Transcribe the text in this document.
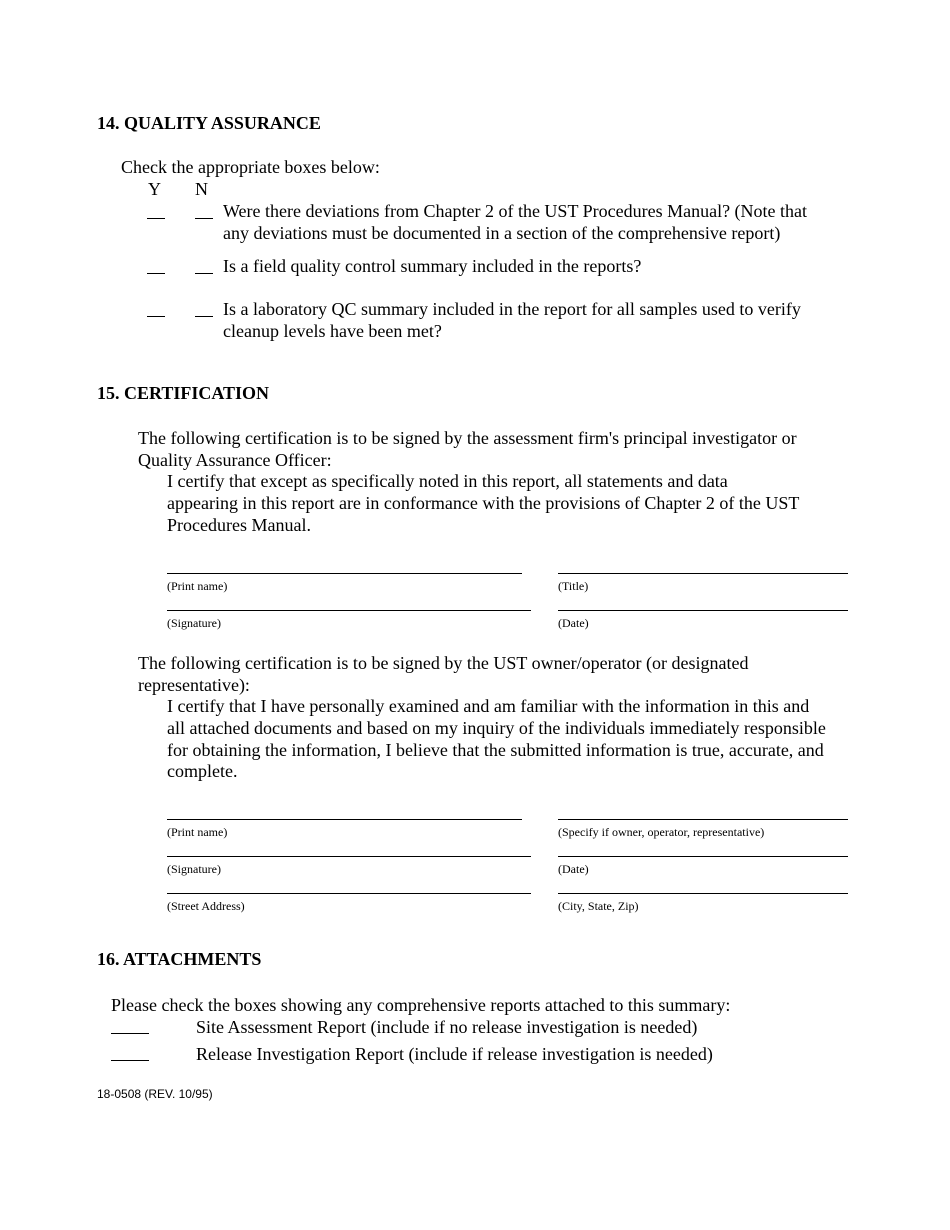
14. QUALITY ASSURANCE
Check the appropriate boxes below:
Y N
Were there deviations from Chapter 2 of the UST Procedures Manual? (Note that
any deviations must be documented in a section of the comprehensive report)
Is a field quality control summary included in the reports?
Is a laboratory QC summary included in the report for all samples used to verify
cleanup levels have been met?
15. CERTIFICATION
The following certification is to be signed by the assessment firm's principal investigator or
Quality Assurance Officer:
I certify that except as specifically noted in this report, all statements and data
appearing in this report are in conformance with the provisions of Chapter 2 of the UST
Procedures Manual.
(Print name)	(Title)
(Signature)	(Date)
The following certification is to be signed by the UST owner/operator (or designated
representative):
I certify that I have personally examined and am familiar with the information in this and
all attached documents and based on my inquiry of the individuals immediately responsible
for obtaining the information, I believe that the submitted information is true, accurate, and
complete.
(Print name)	(Specify if owner, operator, representative)
(Signature)	(Date)
(Street Address)	(City, State, Zip)
16. ATTACHMENTS
Please check the boxes showing any comprehensive reports attached to this summary:
Site Assessment Report (include if no release investigation is needed)
Release Investigation Report (include if release investigation is needed)
18-0508 (REV. 10/95)
